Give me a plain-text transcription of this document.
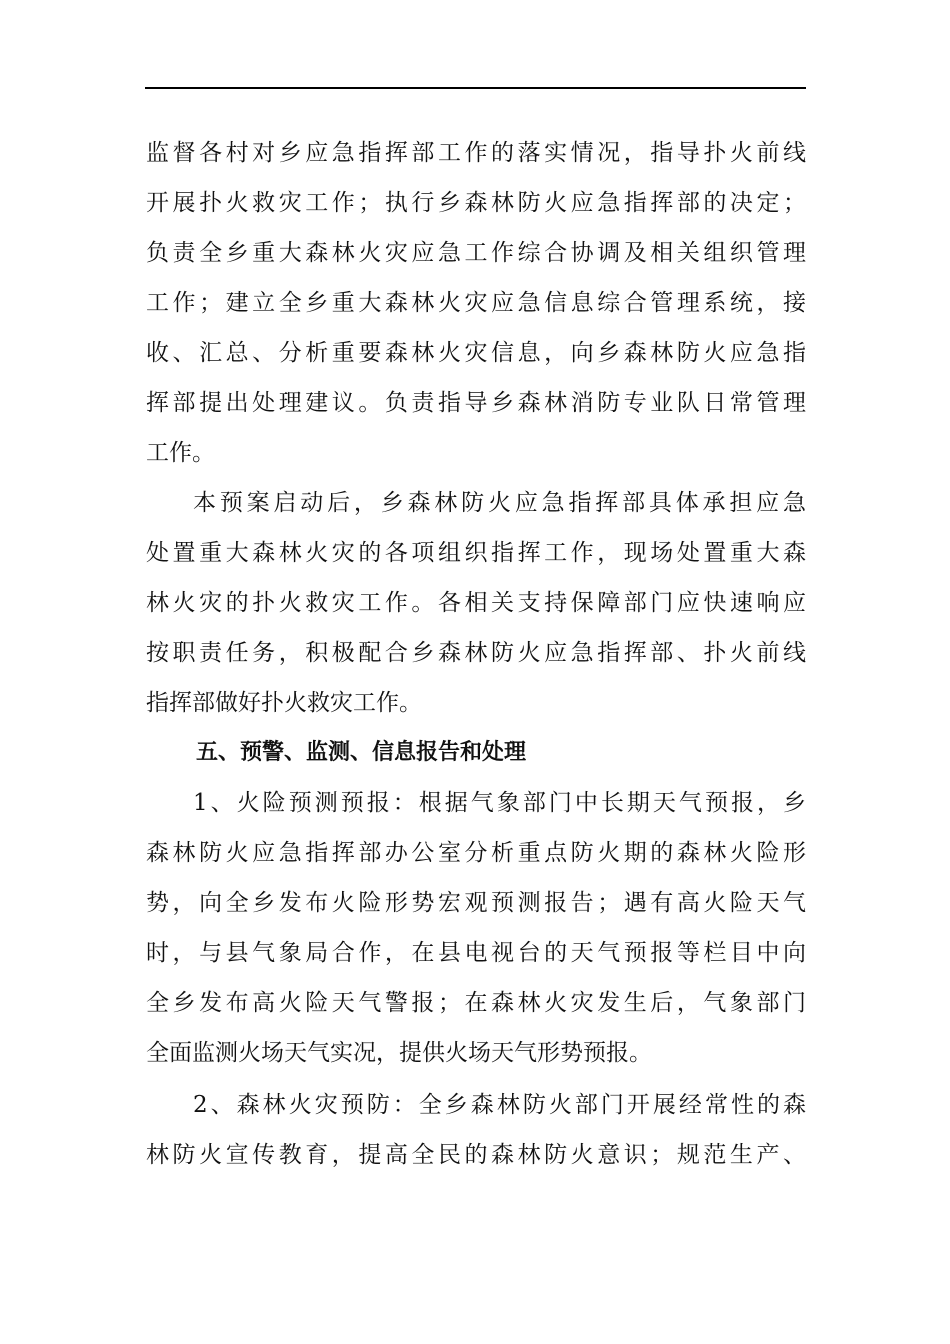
监督各村对乡应急指挥部工作的落实情况，指导扑火前线
开展扑火救灾工作；执行乡森林防火应急指挥部的决定；
负责全乡重大森林火灾应急工作综合协调及相关组织管理
工作；建立全乡重大森林火灾应急信息综合管理系统，接
收、汇总、分析重要森林火灾信息，向乡森林防火应急指
挥部提出处理建议。负责指导乡森林消防专业队日常管理
工作。
本预案启动后，乡森林防火应急指挥部具体承担应急
处置重大森林火灾的各项组织指挥工作，现场处置重大森
林火灾的扑火救灾工作。各相关支持保障部门应快速响应
按职责任务，积极配合乡森林防火应急指挥部、扑火前线
指挥部做好扑火救灾工作。
五、预警、监测、信息报告和处理
1、火险预测预报：根据气象部门中长期天气预报，乡
森林防火应急指挥部办公室分析重点防火期的森林火险形
势，向全乡发布火险形势宏观预测报告；遇有高火险天气
时，与县气象局合作，在县电视台的天气预报等栏目中向
全乡发布高火险天气警报；在森林火灾发生后，气象部门
全面监测火场天气实况，提供火场天气形势预报。
2、森林火灾预防：全乡森林防火部门开展经常性的森
林防火宣传教育，提高全民的森林防火意识；规范生产、
